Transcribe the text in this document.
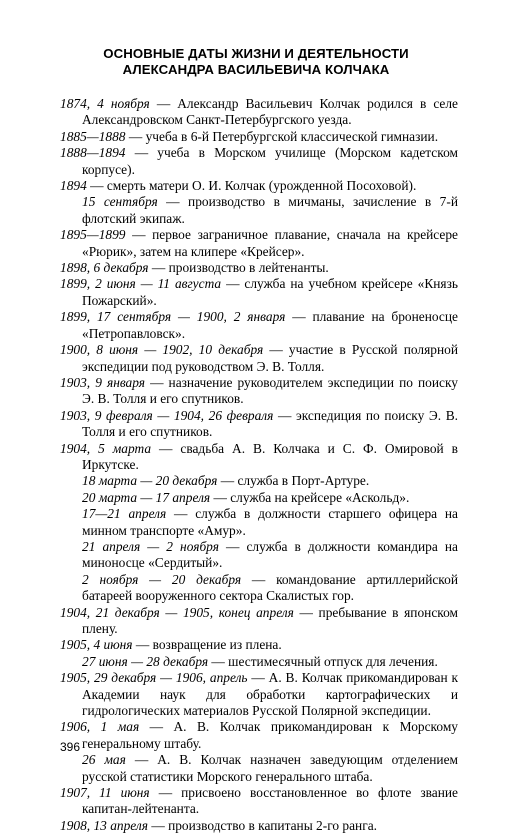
ОСНОВНЫЕ ДАТЫ ЖИЗНИ И ДЕЯТЕЛЬНОСТИ
АЛЕКСАНДРА ВАСИЛЬЕВИЧА КОЛЧАКА

1874, 4 ноября — Александр Васильевич Колчак родился в селе Александровском Санкт-Петербургского уезда.

1885—1888 — учеба в 6-й Петербургской классической гимназии.

1888—1894 — учеба в Морском училище (Морском кадетском корпусе).

1894 — смерть матери О. И. Колчак (урожденной Посоховой).

15 сентября — производство в мичманы, зачисление в 7-й флотский экипаж.

1895—1899 — первое заграничное плавание, сначала на крейсере «Рюрик», затем на клипере «Крейсер».

1898, 6 декабря — производство в лейтенанты.

1899, 2 июня — 11 августа — служба на учебном крейсере «Князь Пожарский».

1899, 17 сентября — 1900, 2 января — плавание на броненосце «Петропавловск».

1900, 8 июня — 1902, 10 декабря — участие в Русской полярной экспедиции под руководством Э. В. Толля.

1903, 9 января — назначение руководителем экспедиции по поиску Э. В. Толля и его спутников.

1903, 9 февраля — 1904, 26 февраля — экспедиция по поиску Э. В. Толля и его спутников.

1904, 5 марта — свадьба А. В. Колчака и С. Ф. Омировой в Иркутске.

18 марта — 20 декабря — служба в Порт-Артуре.

20 марта — 17 апреля — служба на крейсере «Аскольд».

17—21 апреля — служба в должности старшего офицера на минном транспорте «Амур».

21 апреля — 2 ноября — служба в должности командира на миноносце «Сердитый».

2 ноября — 20 декабря — командование артиллерийской батареей вооруженного сектора Скалистых гор.

1904, 21 декабря — 1905, конец апреля — пребывание в японском плену.

1905, 4 июня — возвращение из плена.

27 июня — 28 декабря — шестимесячный отпуск для лечения.

1905, 29 декабря — 1906, апрель — А. В. Колчак прикомандирован к Академии наук для обработки картографических и гидрологических материалов Русской Полярной экспедиции.

1906, 1 мая — А. В. Колчак прикомандирован к Морскому генеральному штабу.

26 мая — А. В. Колчак назначен заведующим отделением русской статистики Морского генерального штаба.

1907, 11 июня — присвоено восстановленное во флоте звание капитан-лейтенанта.

1908, 13 апреля — производство в капитаны 2-го ранга.

396
